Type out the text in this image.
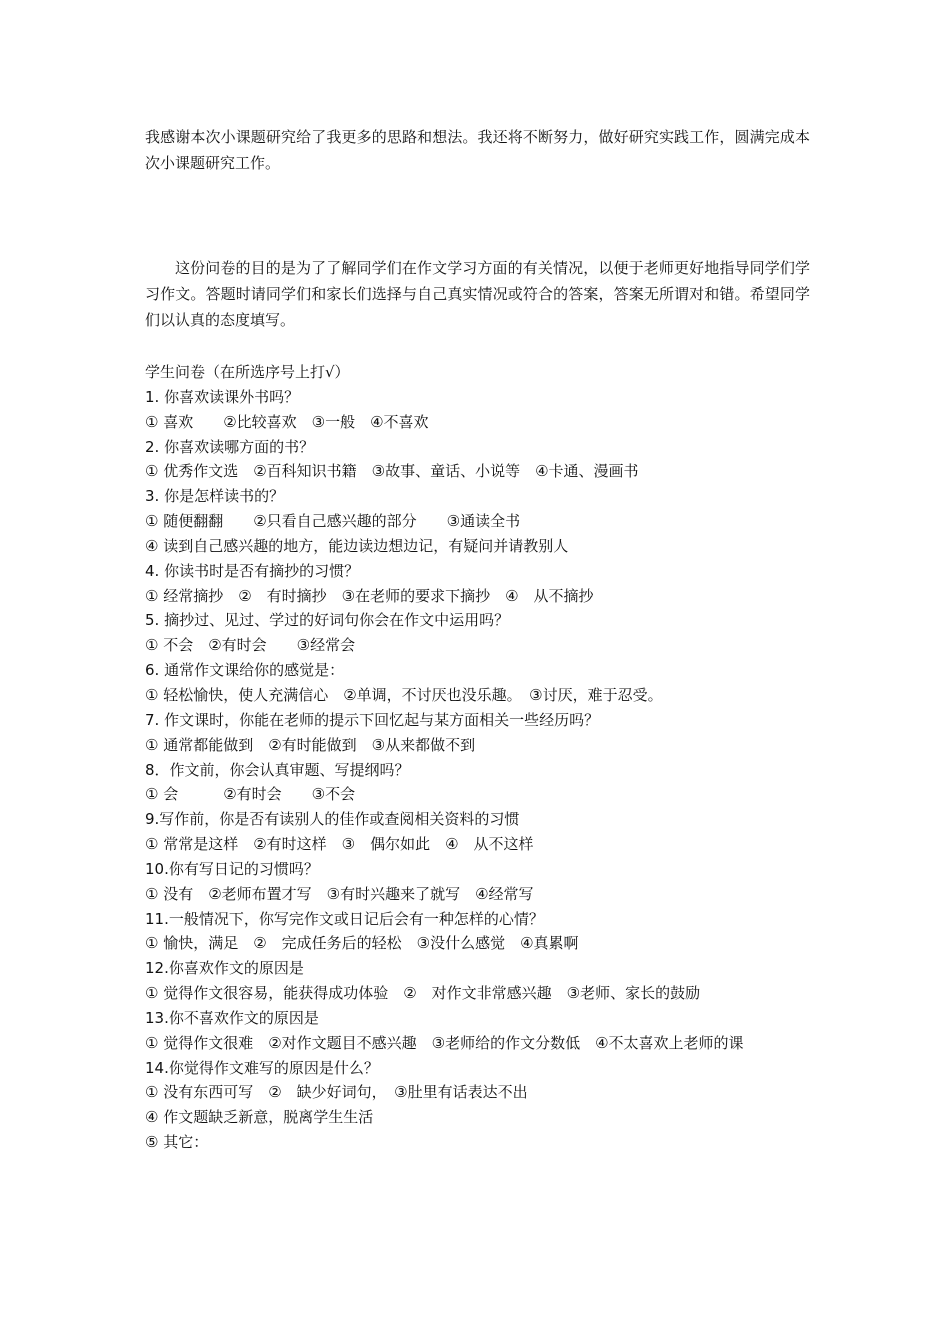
我感谢本次小课题研究给了我更多的思路和想法。我还将不断努力，做好研究实践工作，圆满完成本次小课题研究工作。

这份问卷的目的是为了了解同学们在作文学习方面的有关情况，以便于老师更好地指导同学们学习作文。答题时请同学们和家长们选择与自己真实情况或符合的答案，答案无所谓对和错。希望同学们以认真的态度填写。

学生问卷（在所选序号上打√）

1. 你喜欢读课外书吗？

① 喜欢　　②比较喜欢　③一般　④不喜欢

2. 你喜欢读哪方面的书？

① 优秀作文选　②百科知识书籍　③故事、童话、小说等　④卡通、漫画书

3. 你是怎样读书的？

① 随便翻翻　　②只看自己感兴趣的部分　　③通读全书

④ 读到自己感兴趣的地方，能边读边想边记，有疑问并请教别人

4. 你读书时是否有摘抄的习惯？

① 经常摘抄　②　有时摘抄　③在老师的要求下摘抄　④　从不摘抄

5. 摘抄过、见过、学过的好词句你会在作文中运用吗？

① 不会　②有时会　　③经常会

6. 通常作文课给你的感觉是：

① 轻松愉快，使人充满信心　②单调，不讨厌也没乐趣。　③讨厌，难于忍受。

7. 作文课时，你能在老师的提示下回忆起与某方面相关一些经历吗？

① 通常都能做到　②有时能做到　③从来都做不到

8．作文前，你会认真审题、写提纲吗？

① 会　　　②有时会　　③不会

9.写作前，你是否有读别人的佳作或查阅相关资料的习惯

① 常常是这样　②有时这样　③　偶尔如此　④　从不这样

10.你有写日记的习惯吗？

① 没有　②老师布置才写　③有时兴趣来了就写　④经常写

11.一般情况下，你写完作文或日记后会有一种怎样的心情？

① 愉快，满足　②　完成任务后的轻松　③没什么感觉　④真累啊

12.你喜欢作文的原因是

① 觉得作文很容易，能获得成功体验　②　对作文非常感兴趣　③老师、家长的鼓励

13.你不喜欢作文的原因是

① 觉得作文很难　②对作文题目不感兴趣　③老师给的作文分数低　④不太喜欢上老师的课

14.你觉得作文难写的原因是什么？

① 没有东西可写　②　缺少好词句，　③肚里有话表达不出

④ 作文题缺乏新意，脱离学生生活

⑤ 其它：
